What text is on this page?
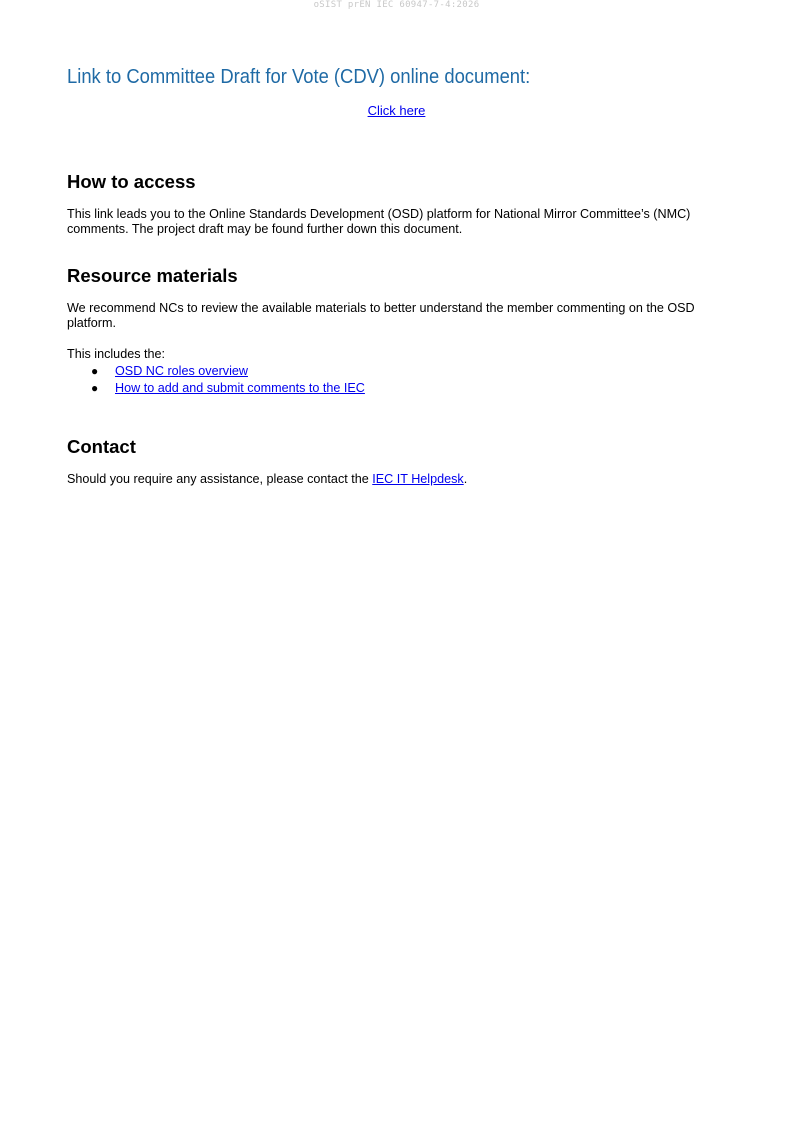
oSIST prEN IEC 60947-7-4:2026
Link to Committee Draft for Vote (CDV) online document:
Click here
How to access

This link leads you to the Online Standards Development (OSD) platform for National Mirror Committee’s (NMC) comments. The project draft may be found further down this document.

Resource materials

We recommend NCs to review the available materials to better understand the member commenting on the OSD platform.

This includes the:

● OSD NC roles overview
● How to add and submit comments to the IEC
Contact

Should you require any assistance, please contact the IEC IT Helpdesk.
